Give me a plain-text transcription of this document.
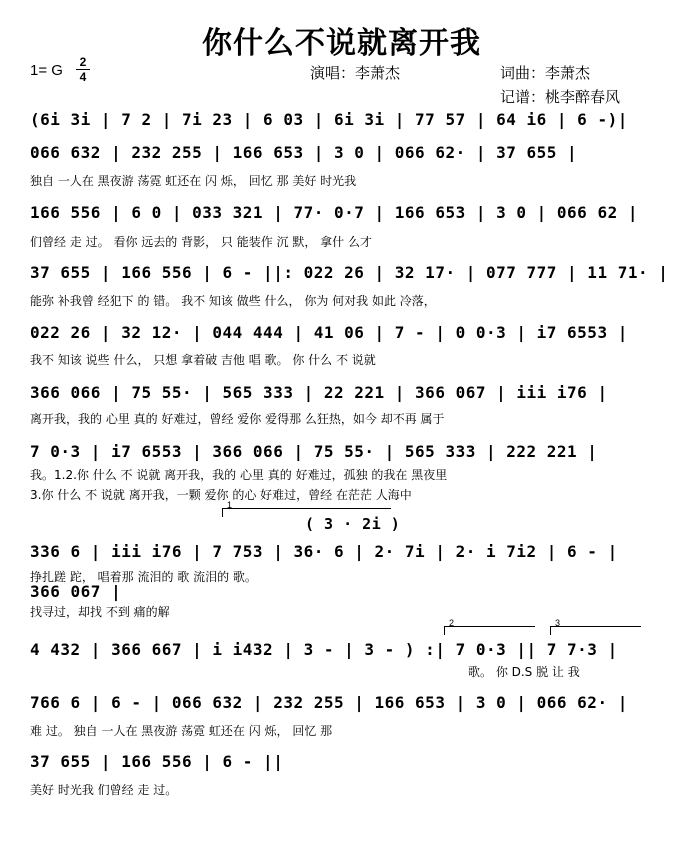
你什么不说就离开我
1= G	2
4	演唱：李萧杰	词曲：李萧杰
记谱：桃李醉春风
(6i 3i | 7 2 | 7i 23 | 6 03 | 6i 3i | 77 57 | 64 i6 | 6 -)|
066 632 | 232 255 | 166 653 | 3 0 | 066 62· | 37 655 |
独自 一人在 黑夜游 荡霓 虹还在 闪 烁， 回忆 那 美好 时光我
166 556 | 6 0 | 033 321 | 77· 0·7 | 166 653 | 3 0 | 066 62 |
们曾经 走 过。 看你 远去的 背影， 只 能装作 沉 默， 拿什 么才
37 655 | 166 556 | 6 - ||: 022 26 | 32 17· | 077 777 | 11 71· |
能弥 补我曾 经犯下 的 错。 我不 知该 做些 什么， 你为 何对我 如此 冷落，
022 26 | 32 12· | 044 444 | 41 06 | 7 - | 0 0·3 | i7 6553 |
我不 知该 说些 什么， 只想 拿着破 吉他 唱 歌。 你 什么 不 说就
366 066 | 75 55· | 565 333 | 22 221 | 366 067 | iii i76 |
离开我，我的 心里 真的 好难过，曾经 爱你 爱得那 么狂热，如今 却不再 属于
7 0·3 | i7 6553 | 366 066 | 75 55· | 565 333 | 222 221 |
我。1.2.你 什么 不 说就 离开我，我的 心里 真的 好难过，孤独 的我在 黑夜里
3.你 什么 不 说就 离开我，一颗 爱你 的心 好难过，曾经 在茫茫 人海中
1
( 3 · 2i )
336 6 | iii i76 | 7 753 | 36· 6 | 2· 7i | 2· i 7i2 | 6 - |
挣扎蹉 跎， 唱着那 流泪的 歌 流泪的 歌。
366 067 |
找寻过，却找 不到 痛的解
2	3
4 432 | 366 667 | i i432 | 3 - | 3 - ) :| 7 0·3 || 7 7·3 |
歌。 你 D.S 脱 让 我
766 6 | 6 - | 066 632 | 232 255 | 166 653 | 3 0 | 066 62· |
难 过。 独自 一人在 黑夜游 荡霓 虹还在 闪 烁， 回忆 那
37 655 | 166 556 | 6 - ||
美好 时光我 们曾经 走 过。
